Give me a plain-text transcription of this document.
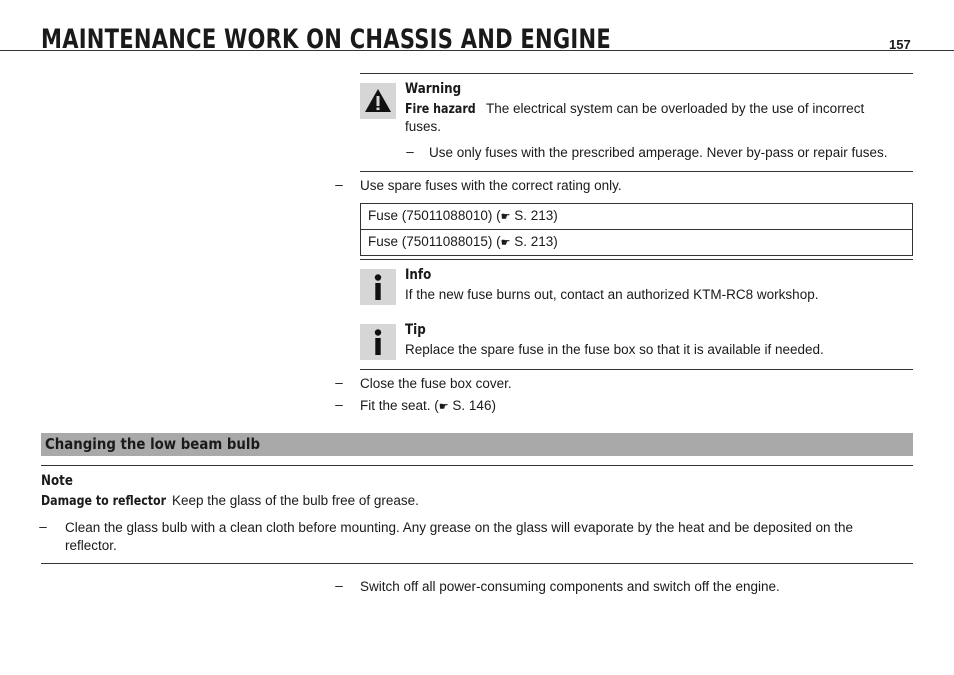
MAINTENANCE WORK ON CHASSIS AND ENGINE	157
Warning
Fire hazard The electrical system can be overloaded by the use of incorrect fuses.
– Use only fuses with the prescribed amperage. Never by-pass or repair fuses.
– Use spare fuses with the correct rating only.
Fuse (75011088010) (☛ S. 213)
Fuse (75011088015) (☛ S. 213)
Info
If the new fuse burns out, contact an authorized KTM-RC8 workshop.
Tip
Replace the spare fuse in the fuse box so that it is available if needed.
– Close the fuse box cover.
– Fit the seat. (☛ S. 146)
Changing the low beam bulb
Note
Damage to reflector Keep the glass of the bulb free of grease.
– Clean the glass bulb with a clean cloth before mounting. Any grease on the glass will evaporate by the heat and be deposited on the
reflector.
– Switch off all power-consuming components and switch off the engine.
